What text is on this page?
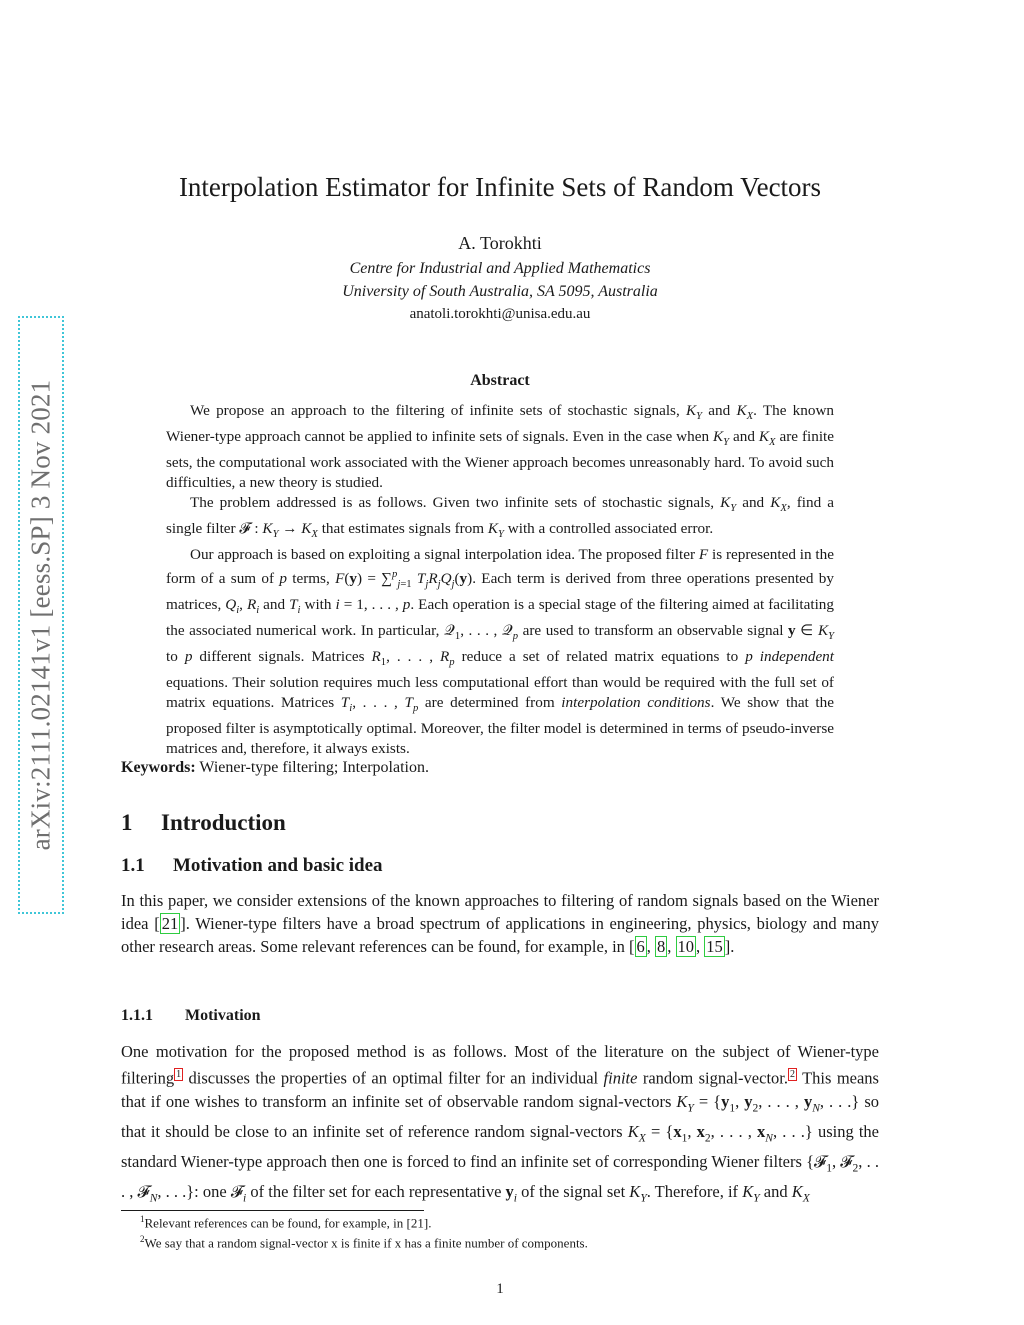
arXiv:2111.02141v1 [eess.SP] 3 Nov 2021
Interpolation Estimator for Infinite Sets of Random Vectors
A. Torokhti
Centre for Industrial and Applied Mathematics
University of South Australia, SA 5095, Australia
anatoli.torokhti@unisa.edu.au
Abstract

We propose an approach to the filtering of infinite sets of stochastic signals, $K_Y$ and $K_X$. The known Wiener-type approach cannot be applied to infinite sets of signals. Even in the case when $K_Y$ and $K_X$ are finite sets, the computational work associated with the Wiener approach becomes unreasonably hard. To avoid such difficulties, a new theory is studied.

The problem addressed is as follows. Given two infinite sets of stochastic signals, $K_Y$ and $K_X$, find a single filter 𝓕 : $K_Y \to K_X$ that estimates signals from $K_Y$ with a controlled associated error.

Our approach is based on exploiting a signal interpolation idea. The proposed filter F is represented in the form of a sum of p terms, F(y) = ∑$^p_{j=1}$ $T_jR_jQ_j(y)$. Each term is derived from three operations presented by matrices, $Q_i$, $R_i$ and $T_i$ with i = 1, . . . , p. Each operation is a special stage of the filtering aimed at facilitating the associated numerical work. In particular, 𝒬$_1$, . . . , 𝒬$_p$ are used to transform an observable signal y ∈ $K_Y$ to p different signals. Matrices $R_1$, . . . , $R_p$ reduce a set of related matrix equations to p independent equations. Their solution requires much less computational effort than would be required with the full set of matrix equations. Matrices $T_i$, . . . , $T_p$ are determined from interpolation conditions. We show that the proposed filter is asymptotically optimal. Moreover, the filter model is determined in terms of pseudo-inverse matrices and, therefore, it always exists.

Keywords: Wiener-type filtering; Interpolation.
1 Introduction
1.1 Motivation and basic idea

In this paper, we consider extensions of the known approaches to filtering of random signals based on the Wiener idea [ 21 ]. Wiener-type filters have a broad spectrum of applications in engineering, physics, biology and many other research areas. Some relevant references can be found, for example, in [ 6 , 8 , 10 , 15 ].

1.1.1 Motivation

One motivation for the proposed method is as follows. Most of the literature on the subject of Wiener-type filtering $^1$ discusses the properties of an optimal filter for an individual finite random signal-vector. $^2$ This means that if one wishes to transform an infinite set of observable random signal-vectors $K_Y = \{y_1$, $y_2$, . . . , $y_N$, . . .} so that it should be close to an infinite set of reference random signal-vectors $K_X = \{x_1$, $x_2$, . . . , $x_N$, . . .} using the standard Wiener-type approach then one is forced to find an infinite set of corresponding Wiener filters {𝓕$_1$, 𝓕$_2$, . . . , 𝓕$_N$, . . .}: one 𝓕$_i$ of the filter set for each representative $y_i$ of the signal set $K_Y$. Therefore, if $K_Y$ and $K_X$

$^1$Relevant references can be found, for example, in [21].
$^2$We say that a random signal-vector x is finite if x has a finite number of components.
1
